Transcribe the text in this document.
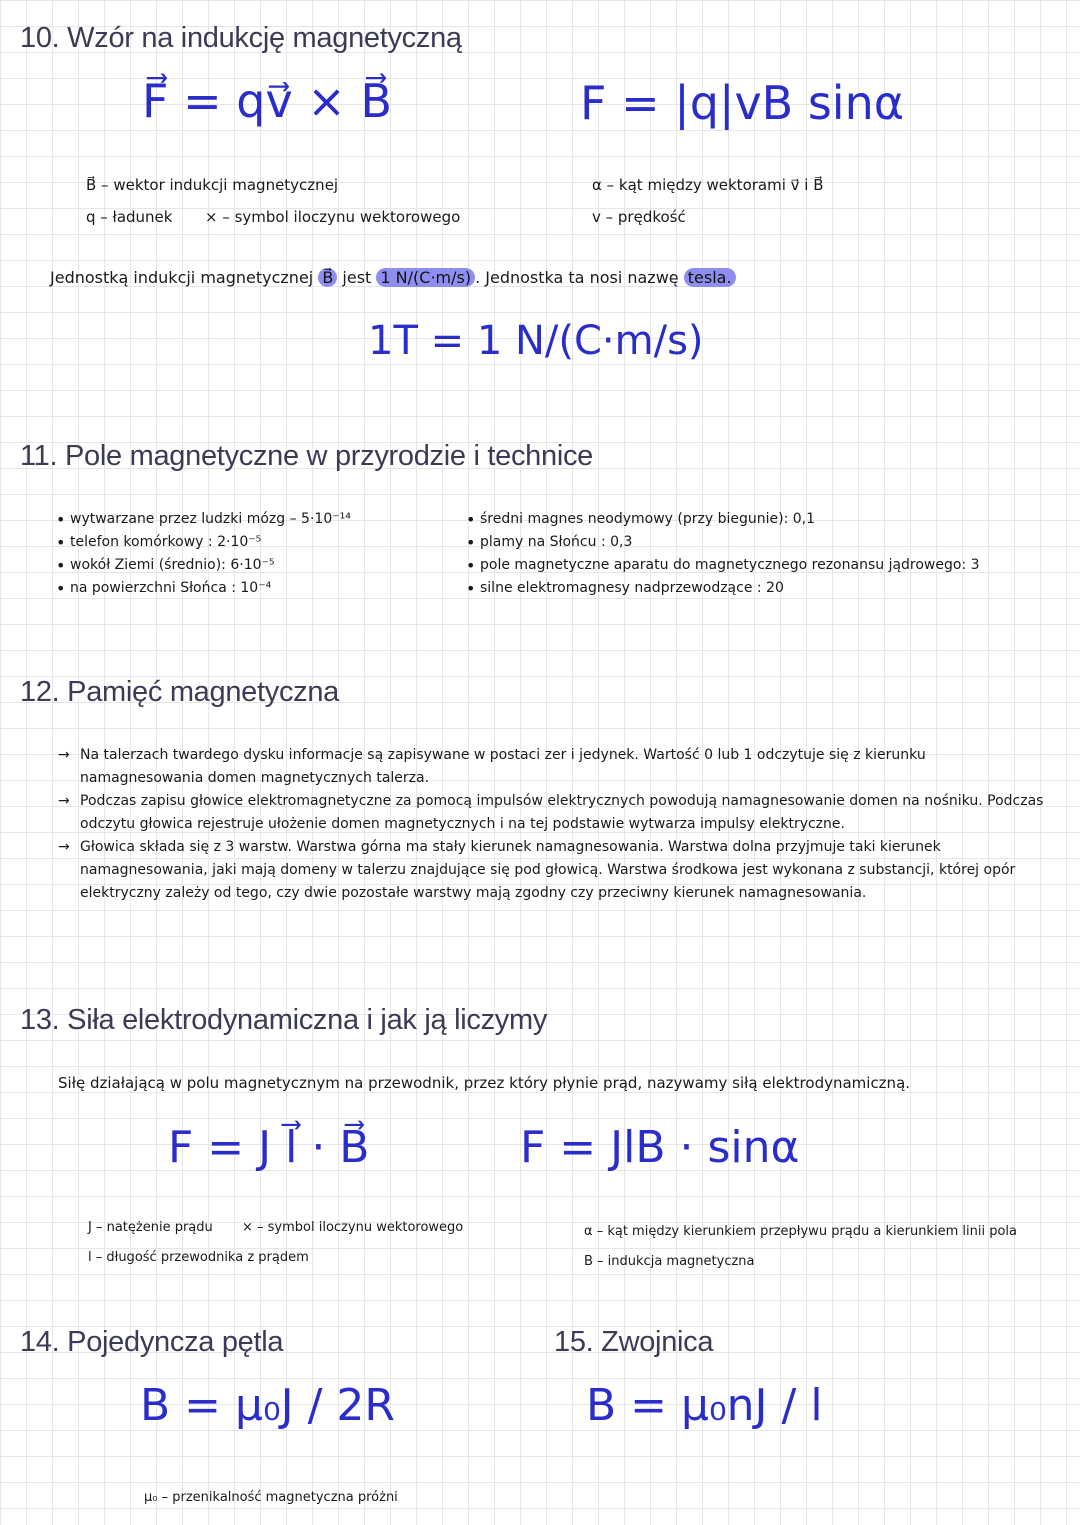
10. Wzór na indukcję magnetyczną
F⃗ = qv⃗ × B⃗	F = |q|vB sinα
B⃗ – wektor indukcji magnetycznej
q – ładunek × – symbol iloczynu wektorowego
α – kąt między wektorami v⃗ i B⃗
v – prędkość
Jednostką indukcji magnetycznej B⃗ jest 1 N/(C·m/s) . Jednostka ta nosi nazwę tesla.
1T = 1 N/(C·m/s)
11. Pole magnetyczne w przyrodzie i technice
• wytwarzane przez ludzki mózg – 5·10⁻¹⁴
• telefon komórkowy : 2·10⁻⁵
• wokół Ziemi (średnio): 6·10⁻⁵
• na powierzchni Słońca : 10⁻⁴
• średni magnes neodymowy (przy biegunie): 0,1
• plamy na Słońcu : 0,3
• pole magnetyczne aparatu do magnetycznego rezonansu jądrowego: 3
• silne elektromagnesy nadprzewodzące : 20
12. Pamięć magnetyczna
→ Na talerzach twardego dysku informacje są zapisywane w postaci zer i jedynek. Wartość 0 lub 1 odczytuje się z kierunku namagnesowania domen magnetycznych talerza.
→ Podczas zapisu głowice elektromagnetyczne za pomocą impulsów elektrycznych powodują namagnesowanie domen na nośniku. Podczas odczytu głowica rejestruje ułożenie domen magnetycznych i na tej podstawie wytwarza impulsy elektryczne.
→ Głowica składa się z 3 warstw. Warstwa górna ma stały kierunek namagnesowania. Warstwa dolna przyjmuje taki kierunek namagnesowania, jaki mają domeny w talerzu znajdujące się pod głowicą. Warstwa środkowa jest wykonana z substancji, której opór elektryczny zależy od tego, czy dwie pozostałe warstwy mają zgodny czy przeciwny kierunek namagnesowania.
13. Siła elektrodynamiczna i jak ją liczymy
Siłę działającą w polu magnetycznym na przewodnik, przez który płynie prąd, nazywamy siłą elektrodynamiczną.
F = J l⃗ · B⃗	F = JlB · sinα
J – natężenie prądu × – symbol iloczynu wektorowego
l – długość przewodnika z prądem
α – kąt między kierunkiem przepływu prądu a kierunkiem linii pola
B – indukcja magnetyczna
14. Pojedyncza pętla
B = μ₀J / 2R
μ₀ – przenikalność magnetyczna próżni
15. Zwojnica
B = μ₀nJ / l
